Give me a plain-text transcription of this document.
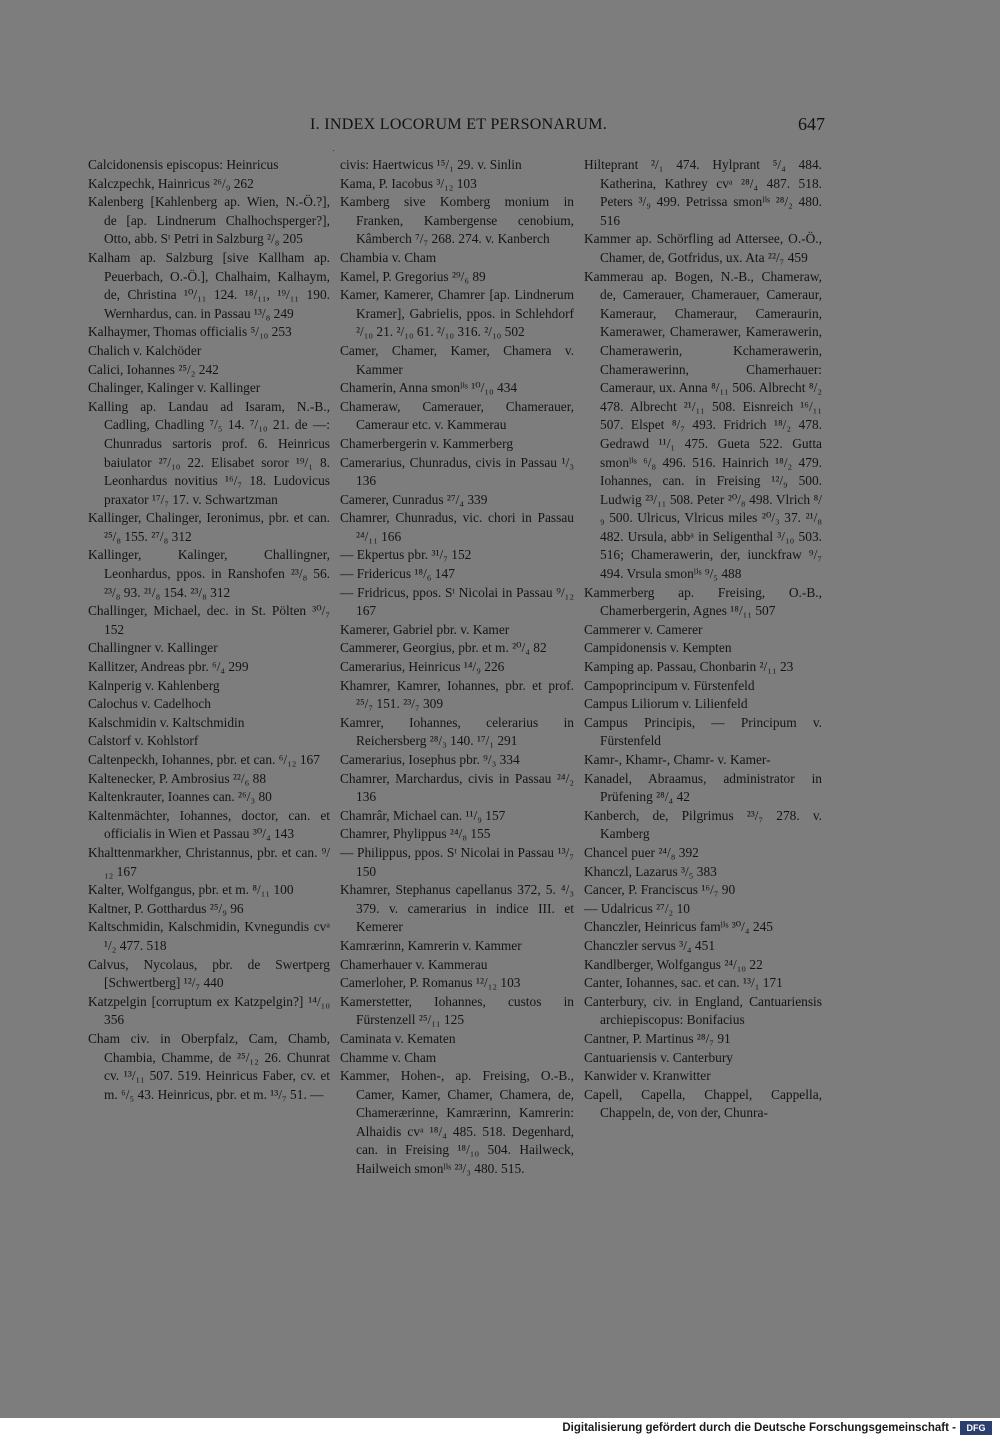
I. INDEX LOCORUM ET PERSONARUM.	647

Calcidonensis episcopus: Heinricus

Kalczpechk, Hainricus ²⁶/₉ 262

Kalenberg [Kahlenberg ap. Wien, N.-Ö.?], de [ap. Lindnerum Chalhochsperger?], Otto, abb. Sᵗ Petri in Salzburg ²/₈ 205

Kalham ap. Salzburg [sive Kallham ap. Peuerbach, O.-Ö.], Chalhaim, Kalhaym, de, Christina ¹⁰/₁₁ 124. ¹⁸/₁₁, ¹⁹/₁₁ 190. Wernhardus, can. in Passau ¹³/₈ 249

Kalhaymer, Thomas officialis ⁵/₁₀ 253

Chalich v. Kalchöder

Calici, Iohannes ²⁵/₂ 242

Chalinger, Kalinger v. Kallinger

Kalling ap. Landau ad Isaram, N.-B., Cadling, Chadling ⁷/₅ 14. ⁷/₁₀ 21. de —: Chunradus sartoris prof. 6. Heinricus baiulator ²⁷/₁₀ 22. Elisabet soror ¹⁹/₁ 8. Leonhardus novitius ¹⁶/₇ 18. Ludovicus praxator ¹⁷/₇ 17. v. Schwartzman

Kallinger, Chalinger, Ieronimus, pbr. et can. ²⁵/₈ 155. ²⁷/₈ 312

Kallinger, Kalinger, Challingner, Leonhardus, ppos. in Ranshofen ²³/₈ 56. ²³/₈ 93. ²¹/₈ 154. ²³/₈ 312

Challinger, Michael, dec. in St. Pölten ³⁰/₇ 152

Challingner v. Kallinger

Kallitzer, Andreas pbr. ⁶/₄ 299

Kalnperig v. Kahlenberg

Calochus v. Cadelhoch

Kalschmidin v. Kaltschmidin

Calstorf v. Kohlstorf

Caltenpeckh, Iohannes, pbr. et can. ⁶/₁₂ 167

Kaltenecker, P. Ambrosius ²²/₆ 88

Kaltenkrauter, Ioannes can. ²⁶/₃ 80

Kaltenmächter, Iohannes, doctor, can. et officialis in Wien et Passau ³⁰/₄ 143

Khalttenmarkher, Christannus, pbr. et can. ⁹/₁₂ 167

Kalter, Wolfgangus, pbr. et m. ⁸/₁₁ 100

Kaltner, P. Gotthardus ²⁵/₉ 96

Kaltschmidin, Kalschmidin, Kvnegundis cvᵃ ¹/₂ 477. 518

Calvus, Nycolaus, pbr. de Swertperg [Schwertberg] ¹²/₇ 440

Katzpelgin [corruptum ex Katzpelgin?] ¹⁴/₁₀ 356

Cham civ. in Oberpfalz, Cam, Chamb, Chambia, Chamme, de ²⁵/₁₂ 26. Chunrat cv. ¹³/₁₁ 507. 519. Heinricus Faber, cv. et m. ⁶/₅ 43. Heinricus, pbr. et m. ¹³/₇ 51. —

civis: Haertwicus ¹⁵/₁ 29. v. Sinlin

Kama, P. Iacobus ³/₁₂ 103

Kamberg sive Komberg monium in Franken, Kambergense cenobium, Kâmberch ⁷/₇ 268. 274. v. Kanberch

Chambia v. Cham

Kamel, P. Gregorius ²⁹/₆ 89

Kamer, Kamerer, Chamrer [ap. Lindnerum Kramer], Gabrielis, ppos. in Schlehdorf ²/₁₀ 21. ²/₁₀ 61. ²/₁₀ 316. ²/₁₀ 502

Camer, Chamer, Kamer, Chamera v. Kammer

Chamerin, Anna smonˡⁱˢ ¹⁰/₁₀ 434

Chameraw, Camerauer, Chamerauer, Cameraur etc. v. Kammerau

Chamerbergerin v. Kammerberg

Camerarius, Chunradus, civis in Passau ¹/₃ 136

Camerer, Cunradus ²⁷/₄ 339

Chamrer, Chunradus, vic. chori in Passau ²⁴/₁₁ 166

— Ekpertus pbr. ³¹/₇ 152

— Fridericus ¹⁸/₆ 147

— Fridricus, ppos. Sᵗ Nicolai in Passau ⁹/₁₂ 167

Kamerer, Gabriel pbr. v. Kamer

Cammerer, Georgius, pbr. et m. ²⁰/₄ 82

Camerarius, Heinricus ¹⁴/₉ 226

Khamrer, Kamrer, Iohannes, pbr. et prof. ²⁵/₇ 151. ²³/₇ 309

Kamrer, Iohannes, celerarius in Reichersberg ²⁸/₃ 140. ¹⁷/₁ 291

Camerarius, Iosephus pbr. ⁹/₃ 334

Chamrer, Marchardus, civis in Passau ²⁴/₂ 136

Chamrâr, Michael can. ¹¹/₉ 157

Chamrer, Phylippus ²⁴/₈ 155

— Philippus, ppos. Sᵗ Nicolai in Passau ¹³/₇ 150

Khamrer, Stephanus capellanus 372, 5. ⁴/₃ 379. v. camerarius in indice III. et Kemerer

Kamrærinn, Kamrerin v. Kammer

Chamerhauer v. Kammerau

Camerloher, P. Romanus ¹²/₁₂ 103

Kamerstetter, Iohannes, custos in Fürstenzell ²⁵/₁₁ 125

Caminata v. Kematen

Chamme v. Cham

Kammer, Hohen-, ap. Freising, O.-B., Camer, Kamer, Chamer, Chamera, de, Chamerærinne, Kamrærinn, Kamrerin: Alhaidis cvᵃ ¹⁸/₄ 485. 518. Degenhard, can. in Freising ¹⁸/₁₀ 504. Hailweck, Hailweich smonˡⁱˢ ²³/₃ 480. 515.

Hilteprant ²/₁ 474. Hylprant ⁵/₄ 484. Katherina, Kathrey cvᵃ ²⁸/₄ 487. 518. Peters ³/₉ 499. Petrissa smonˡⁱˢ ²⁸/₂ 480. 516

Kammer ap. Schörfling ad Attersee, O.-Ö., Chamer, de, Gotfridus, ux. Ata ²²/₇ 459

Kammerau ap. Bogen, N.-B., Chameraw, de, Camerauer, Chamerauer, Cameraur, Kameraur, Chameraur, Cameraurin, Kamerawer, Chamerawer, Kamerawerin, Chamerawerin, Kchamerawerin, Chamerawerinn, Chamerhauer: Cameraur, ux. Anna ⁸/₁₁ 506. Albrecht ⁸/₂ 478. Albrecht ²¹/₁₁ 508. Eisnreich ¹⁶/₁₁ 507. Elspet ⁸/₇ 493. Fridrich ¹⁸/₂ 478. Gedrawd ¹¹/₁ 475. Gueta 522. Gutta smonˡⁱˢ ⁶/₈ 496. 516. Hainrich ¹⁸/₂ 479. Iohannes, can. in Freising ¹²/₉ 500. Ludwig ²³/₁₁ 508. Peter ²⁰/₈ 498. Vlrich ⁸/₉ 500. Ulricus, Vlricus miles ²⁰/₃ 37. ²¹/₈ 482. Ursula, abbᵃ in Seligenthal ³/₁₀ 503. 516; Chamerawerin, der, iunckfraw ⁹/₇ 494. Vrsula smonˡⁱˢ ⁹/₅ 488

Kammerberg ap. Freising, O.-B., Chamerbergerin, Agnes ¹⁸/₁₁ 507

Cammerer v. Camerer

Campidonensis v. Kempten

Kamping ap. Passau, Chonbarin ²/₁₁ 23

Campoprincipum v. Fürstenfeld

Campus Liliorum v. Lilienfeld

Campus Principis, — Principum v. Fürstenfeld

Kamr-, Khamr-, Chamr- v. Kamer-

Kanadel, Abraamus, administrator in Prüfening ²⁸/₄ 42

Kanberch, de, Pilgrimus ²³/₇ 278. v. Kamberg

Chancel puer ²⁴/₈ 392

Khanczl, Lazarus ³/₅ 383

Cancer, P. Franciscus ¹⁶/₇ 90

— Udalricus ²⁷/₂ 10

Chanczler, Heinricus famˡⁱˢ ³⁰/₄ 245

Chanczler servus ³/₄ 451

Kandlberger, Wolfgangus ²⁴/₁₀ 22

Canter, Iohannes, sac. et can. ¹³/₁ 171

Canterbury, civ. in England, Cantuariensis archiepiscopus: Bonifacius

Cantner, P. Martinus ²⁸/₇ 91

Cantuariensis v. Canterbury

Kanwider v. Kranwitter

Capell, Capella, Chappel, Cappella, Chappeln, de, von der, Chunra-

Digitalisierung gefördert durch die Deutsche Forschungsgemeinschaft -	DFG
